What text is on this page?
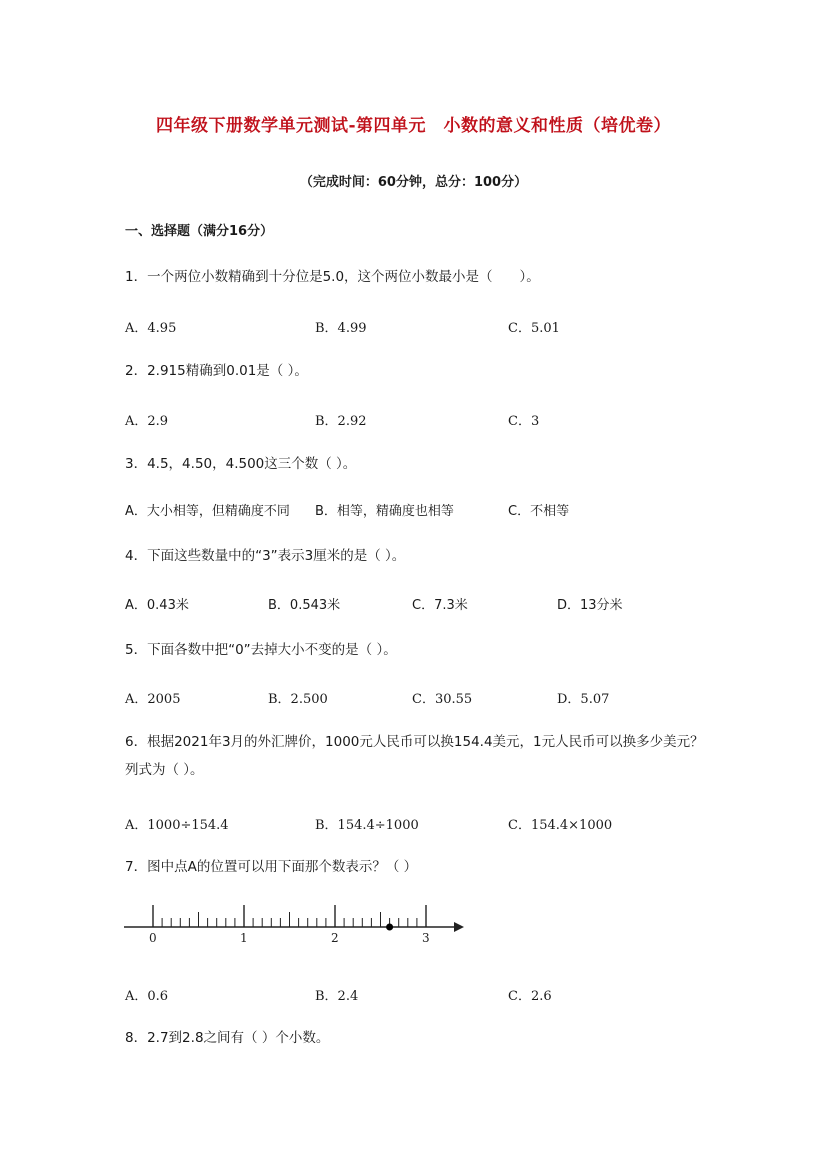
四年级下册数学单元测试-第四单元　小数的意义和性质（培优卷）
（完成时间：60分钟，总分：100分）
一、选择题（满分16分）
1．一个两位小数精确到十分位是5.0，这个两位小数最小是（　　）。
A．4.95	B．4.99	C．5.01
2．2.915精确到0.01是（ ）。
A．2.9	B．2.92	C．3
3．4.5，4.50，4.500这三个数（ ）。
A．大小相等，但精确度不同 B．相等，精确度也相等	C．不相等
4．下面这些数量中的“3”表示3厘米的是（ ）。
A．0.43米	B．0.543米	C．7.3米	D．13分米
5．下面各数中把“0”去掉大小不变的是（ ）。
A．2005	B．2.500	C．30.55	D．5.07
6．根据2021年3月的外汇牌价，1000元人民币可以换154.4美元，1元人民币可以换多少美元？列式为（ ）。
A．1000÷154.4	B．154.4÷1000	C．154.4×1000
7．图中点A的位置可以用下面那个数表示？（ ）
0	1	2	3
A．0.6	B．2.4	C．2.6
8．2.7到2.8之间有（ ）个小数。
